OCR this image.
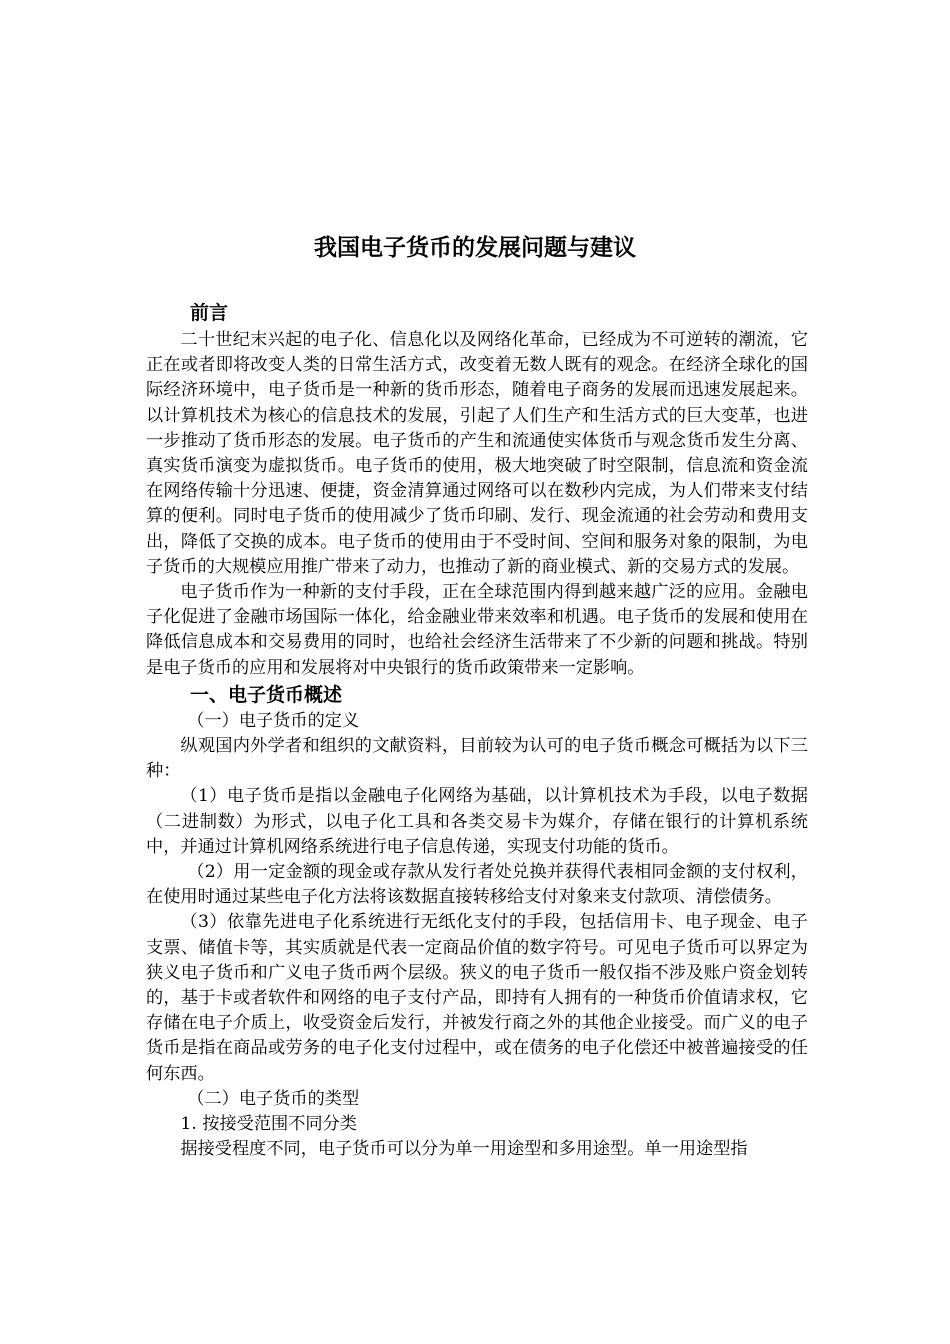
我国电子货币的发展问题与建议
前言

二十世纪末兴起的电子化、信息化以及网络化革命，已经成为不可逆转的潮流，它正在或者即将改变人类的日常生活方式，改变着无数人既有的观念。在经济全球化的国际经济环境中，电子货币是一种新的货币形态，随着电子商务的发展而迅速发展起来。以计算机技术为核心的信息技术的发展，引起了人们生产和生活方式的巨大变革，也进一步推动了货币形态的发展。电子货币的产生和流通使实体货币与观念货币发生分离、真实货币演变为虚拟货币。电子货币的使用，极大地突破了时空限制，信息流和资金流在网络传输十分迅速、便捷，资金清算通过网络可以在数秒内完成，为人们带来支付结算的便利。同时电子货币的使用减少了货币印刷、发行、现金流通的社会劳动和费用支出，降低了交换的成本。电子货币的使用由于不受时间、空间和服务对象的限制，为电子货币的大规模应用推广带来了动力，也推动了新的商业模式、新的交易方式的发展。

电子货币作为一种新的支付手段，正在全球范围内得到越来越广泛的应用。金融电子化促进了金融市场国际一体化，给金融业带来效率和机遇。电子货币的发展和使用在降低信息成本和交易费用的同时，也给社会经济生活带来了不少新的问题和挑战。特别是电子货币的应用和发展将对中央银行的货币政策带来一定影响。

一、电子货币概述

（一）电子货币的定义

纵观国内外学者和组织的文献资料，目前较为认可的电子货币概念可概括为以下三种：

（1）电子货币是指以金融电子化网络为基础，以计算机技术为手段，以电子数据（二进制数）为形式，以电子化工具和各类交易卡为媒介，存储在银行的计算机系统中，并通过计算机网络系统进行电子信息传递，实现支付功能的货币。

（2）用一定金额的现金或存款从发行者处兑换并获得代表相同金额的支付权利，在使用时通过某些电子化方法将该数据直接转移给支付对象来支付款项、清偿债务。

（3）依靠先进电子化系统进行无纸化支付的手段，包括信用卡、电子现金、电子支票、储值卡等，其实质就是代表一定商品价值的数字符号。可见电子货币可以界定为狭义电子货币和广义电子货币两个层级。狭义的电子货币一般仅指不涉及账户资金划转的，基于卡或者软件和网络的电子支付产品，即持有人拥有的一种货币价值请求权，它存储在电子介质上，收受资金后发行，并被发行商之外的其他企业接受。而广义的电子货币是指在商品或劳务的电子化支付过程中，或在债务的电子化偿还中被普遍接受的任何东西。

（二）电子货币的类型

1. 按接受范围不同分类

据接受程度不同，电子货币可以分为单一用途型和多用途型。单一用途型指
